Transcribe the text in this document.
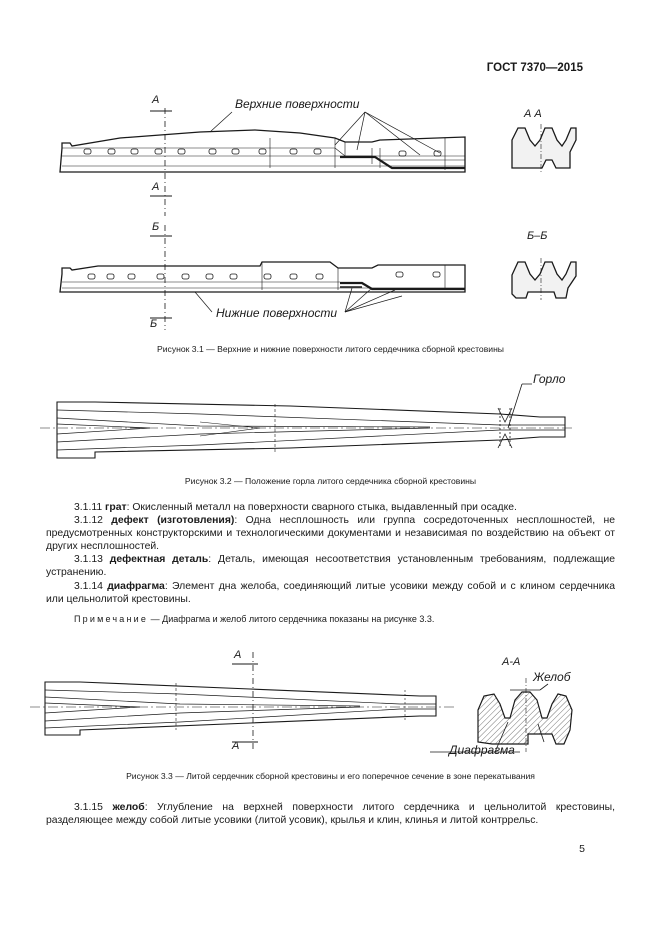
ГОСТ 7370—2015
А
А
А А
Б
Б
Б–Б
Верхние поверхности
Нижние поверхности
Рисунок 3.1 — Верхние и нижние поверхности литого сердечника сборной крестовины
Горло
Рисунок 3.2 — Положение горла литого сердечника сборной крестовины

3.1.11 грат: Окисленный металл на поверхности сварного стыка, выдавленный при осадке.

3.1.12 дефект (изготовления): Одна несплошность или группа сосредоточенных несплошностей, не предусмотренных конструкторскими и технологическими документами и независимая по воздействию на объект от других несплошностей.

3.1.13 дефектная деталь: Деталь, имеющая несоответствия установленным требованиям, подлежащие устранению.

3.1.14 диафрагма: Элемент дна желоба, соединяющий литые усовики между собой и с клином сердечника или цельнолитой крестовины.

Примечание — Диафрагма и желоб литого сердечника показаны на рисунке 3.3.
А
А
А-А
Желоб
Диафрагма
Рисунок 3.3 — Литой сердечник сборной крестовины и его поперечное сечение в зоне перекатывания

3.1.15 желоб: Углубление на верхней поверхности литого сердечника и цельнолитой крестовины, разделяющее между собой литые усовики (литой усовик), крылья и клин, клинья и литой контррельс.

5
